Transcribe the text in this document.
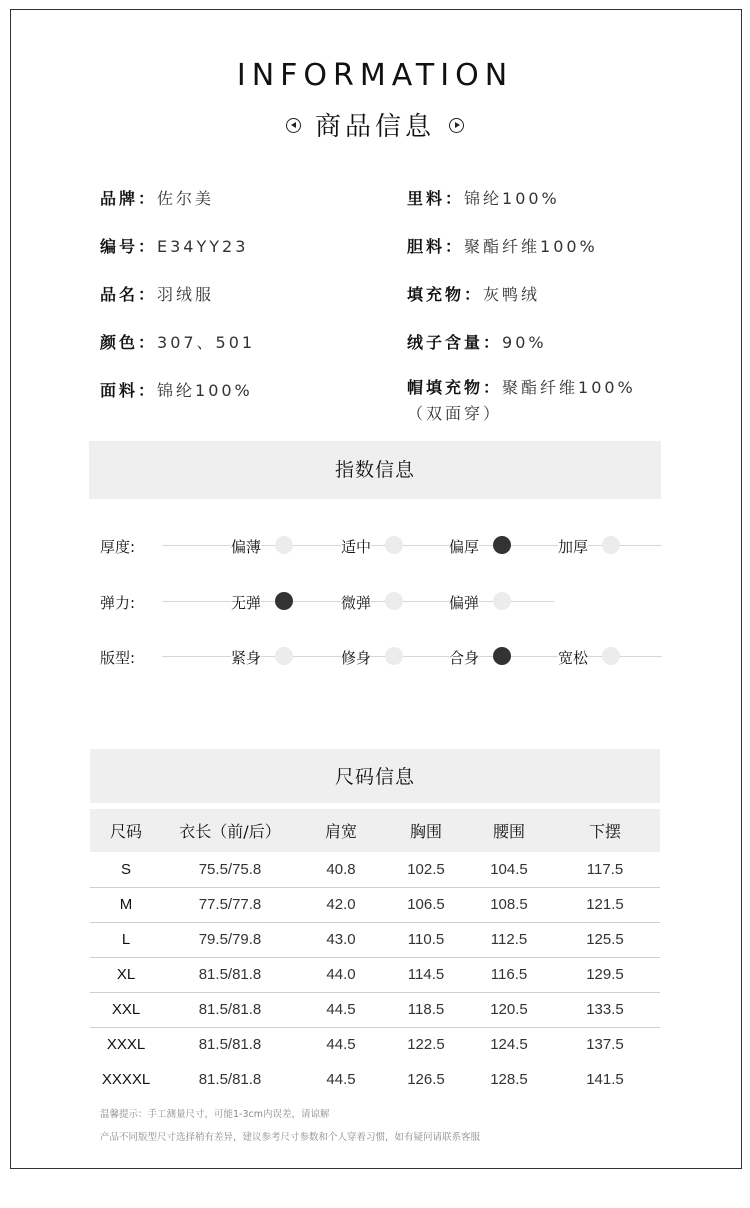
INFORMATION
商品信息
品牌：佐尔美	里料：锦纶100%
编号：E34YY23	胆料：聚酯纤维100%
品名：羽绒服	填充物：灰鸭绒
颜色：307、501	绒子含量：90%
面料：锦纶100%	帽填充物：聚酯纤维100%
（双面穿）
指数信息
厚度:	偏薄	适中	偏厚	加厚
弹力:	无弹	微弹	偏弹
版型:	紧身	修身	合身	宽松
尺码信息
尺码	衣长（前/后）	肩宽	胸围	腰围	下摆
S	75.5/75.8	40.8	102.5	104.5	117.5
M	77.5/77.8	42.0	106.5	108.5	121.5
L	79.5/79.8	43.0	110.5	112.5	125.5
XL	81.5/81.8	44.0	114.5	116.5	129.5
XXL	81.5/81.8	44.5	118.5	120.5	133.5
XXXL	81.5/81.8	44.5	122.5	124.5	137.5
XXXXL	81.5/81.8	44.5	126.5	128.5	141.5
温馨提示：手工测量尺寸，可能1-3cm内误差，请谅解
产品不同版型尺寸选择稍有差异，建议参考尺寸参数和个人穿着习惯，如有疑问请联系客服
